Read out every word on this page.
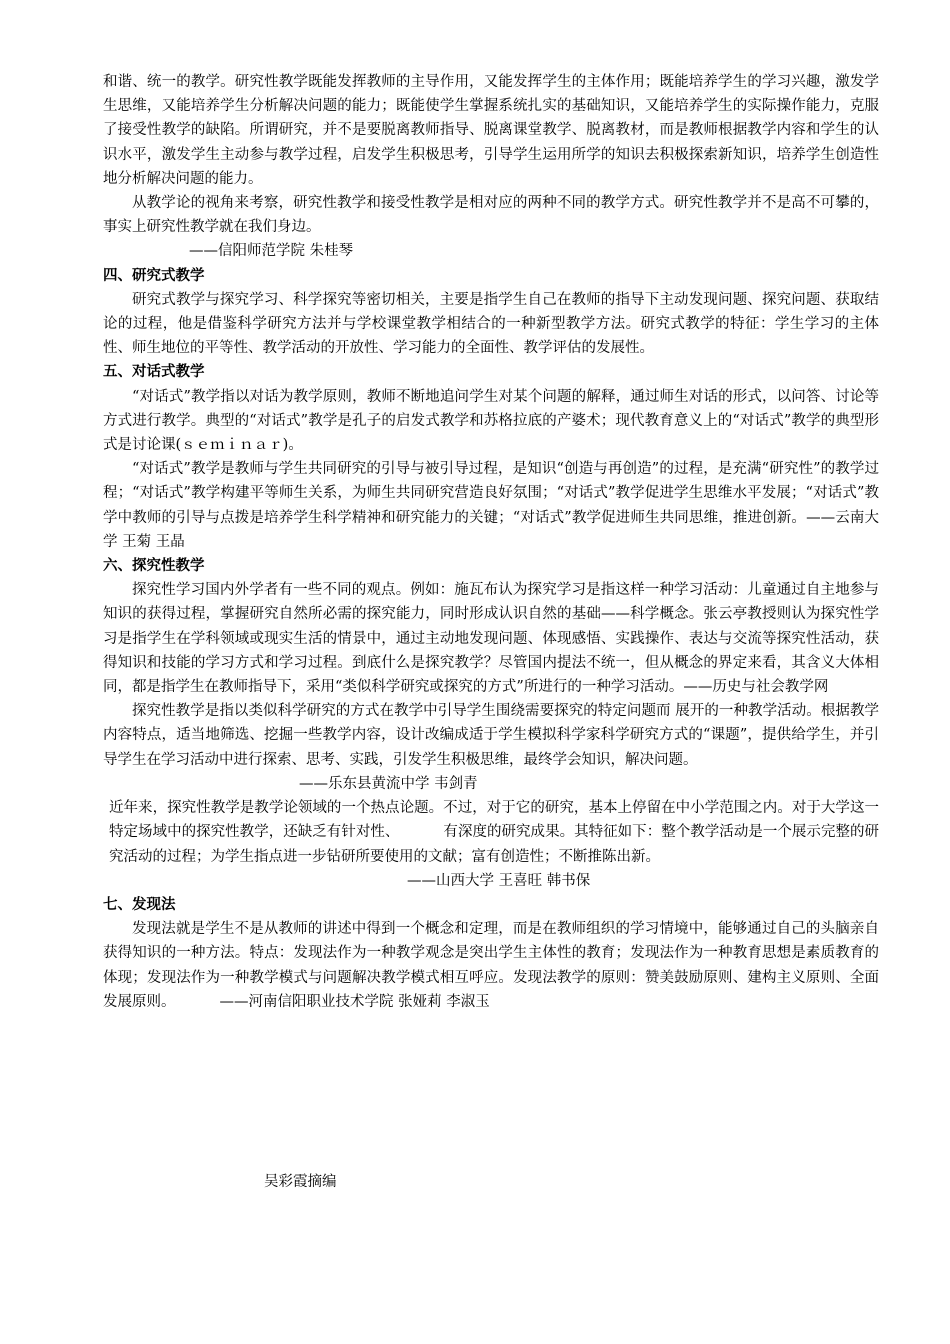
和谐、统一的教学。研究性教学既能发挥教师的主导作用，又能发挥学生的主体作用；既能培养学生的学习兴趣，激发学生思维，又能培养学生分析解决问题的能力；既能使学生掌握系统扎实的基础知识，又能培养学生的实际操作能力，克服了接受性教学的缺陷。所谓研究，并不是要脱离教师指导、脱离课堂教学、脱离教材，而是教师根据教学内容和学生的认识水平，激发学生主动参与教学过程，启发学生积极思考，引导学生运用所学的知识去积极探索新知识，培养学生创造性地分析解决问题的能力。

从教学论的视角来考察，研究性教学和接受性教学是相对应的两种不同的教学方式。研究性教学并不是高不可攀的，事实上研究性教学就在我们身边。

——信阳师范学院 朱桂琴

四、研究式教学

研究式教学与探究学习、科学探究等密切相关，主要是指学生自己在教师的指导下主动发现问题、探究问题、获取结论的过程，他是借鉴科学研究方法并与学校课堂教学相结合的一种新型教学方法。研究式教学的特征：学生学习的主体性、师生地位的平等性、教学活动的开放性、学习能力的全面性、教学评估的发展性。

五、对话式教学

“对话式”教学指以对话为教学原则，教师不断地追问学生对某个问题的解释，通过师生对话的形式，以问答、讨论等方式进行教学。典型的“对话式”教学是孔子的启发式教学和苏格拉底的产婆术；现代教育意义上的“对话式”教学的典型形式是讨论课(ｓｅｍｉｎａｒ)。

“对话式”教学是教师与学生共同研究的引导与被引导过程，是知识“创造与再创造”的过程，是充满“研究性”的教学过程；“对话式”教学构建平等师生关系，为师生共同研究营造良好氛围；“对话式”教学促进学生思维水平发展；“对话式”教学中教师的引导与点拨是培养学生科学精神和研究能力的关键；“对话式”教学促进师生共同思维，推进创新。——云南大学 王菊 王晶

六、探究性教学

探究性学习国内外学者有一些不同的观点。例如：施瓦布认为探究学习是指这样一种学习活动：儿童通过自主地参与知识的获得过程，掌握研究自然所必需的探究能力，同时形成认识自然的基础——科学概念。张云亭教授则认为探究性学习是指学生在学科领域或现实生活的情景中，通过主动地发现问题、体现感悟、实践操作、表达与交流等探究性活动，获得知识和技能的学习方式和学习过程。到底什么是探究教学？尽管国内提法不统一，但从概念的界定来看，其含义大体相同，都是指学生在教师指导下，采用“类似科学研究或探究的方式”所进行的一种学习活动。——历史与社会教学网

探究性教学是指以类似科学研究的方式在教学中引导学生围绕需要探究的特定问题而 展开的一种教学活动。根据教学内容特点，适当地筛选、挖掘一些教学内容，设计改编成适于学生模拟科学家科学研究方式的“课题”，提供给学生，并引导学生在学习活动中进行探索、思考、实践，引发学生积极思维，最终学会知识，解决问题。

——乐东县黄流中学 韦剑青

近年来，探究性教学是教学论领域的一个热点论题。不过，对于它的研究，基本上停留在中小学范围之内。对于大学这一特定场域中的探究性教学，还缺乏有针对性、	有深度的研究成果。其特征如下：整个教学活动是一个展示完整的研究活动的过程；为学生指点进一步钻研所要使用的文献；富有创造性；不断推陈出新。

——山西大学 王喜旺 韩书保

七、发现法

发现法就是学生不是从教师的讲述中得到一个概念和定理，而是在教师组织的学习情境中，能够通过自己的头脑亲自获得知识的一种方法。特点：发现法作为一种教学观念是突出学生主体性的教育；发现法作为一种教育思想是素质教育的体现；发现法作为一种教学模式与问题解决教学模式相互呼应。发现法教学的原则：赞美鼓励原则、建构主义原则、全面发展原则。	——河南信阳职业技术学院 张娅莉 李淑玉

吴彩霞摘编
